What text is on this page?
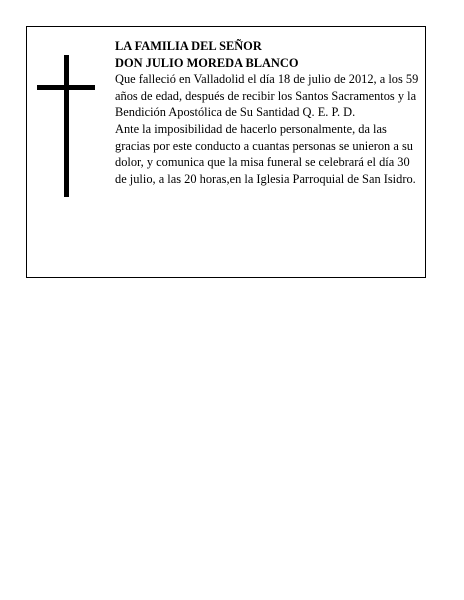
LA FAMILIA DEL SEÑOR

DON JULIO MOREDA BLANCO

Que falleció en Valladolid el día 18 de julio de 2012, a los 59 años de edad, después de recibir los Santos Sacramentos y la Bendición Apostólica de Su Santidad Q. E. P. D.

Ante la imposibilidad de hacerlo personalmente, da las gracias por este conducto a cuantas personas se unieron a su dolor, y comunica que la misa funeral se celebrará el día 30 de julio, a las 20 horas,en la Iglesia Parroquial de San Isidro.
